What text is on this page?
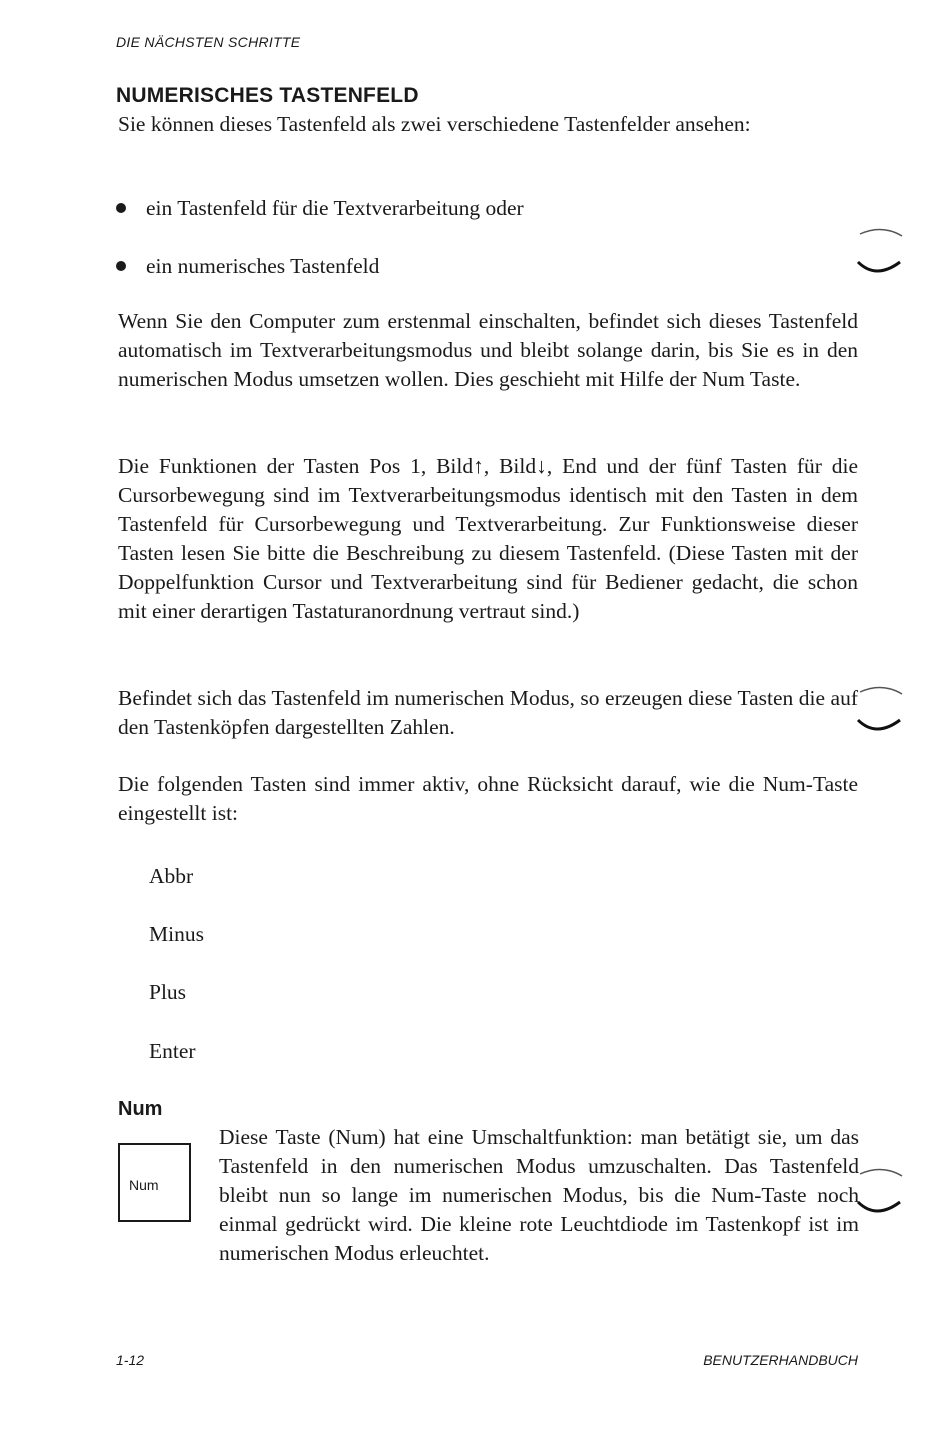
DIE NÄCHSTEN SCHRITTE
NUMERISCHES TASTENFELD

Sie können dieses Tastenfeld als zwei verschiedene Tastenfelder ansehen:

ein Tastenfeld für die Textverarbeitung oder
ein numerisches Tastenfeld

Wenn Sie den Computer zum erstenmal einschalten, befindet sich dieses Tastenfeld automatisch im Textverarbeitungsmodus und bleibt solange darin, bis Sie es in den numerischen Modus umsetzen wollen. Dies geschieht mit Hilfe der Num Taste.

Die Funktionen der Tasten Pos 1, Bild↑, Bild↓, End und der fünf Tasten für die Cursorbewegung sind im Textverarbeitungsmodus identisch mit den Tasten in dem Tastenfeld für Cursorbewegung und Textverarbeitung. Zur Funktionsweise dieser Tasten lesen Sie bitte die Beschreibung zu diesem Tastenfeld. (Diese Tasten mit der Doppelfunktion Cursor und Textverarbeitung sind für Bediener gedacht, die schon mit einer derartigen Tastaturanordnung vertraut sind.)

Befindet sich das Tastenfeld im numerischen Modus, so erzeugen diese Tasten die auf den Tastenköpfen dargestellten Zahlen.

Die folgenden Tasten sind immer aktiv, ohne Rücksicht darauf, wie die Num-Taste eingestellt ist:

Abbr
Minus
Plus
Enter
Num
Num

Diese Taste (Num) hat eine Umschaltfunktion: man betätigt sie, um das Tastenfeld in den numerischen Modus umzuschalten. Das Tastenfeld bleibt nun so lange im numerischen Modus, bis die Num-Taste noch einmal gedrückt wird. Die kleine rote Leuchtdiode im Tastenkopf ist im numerischen Modus erleuchtet.

1-12	BENUTZERHANDBUCH
